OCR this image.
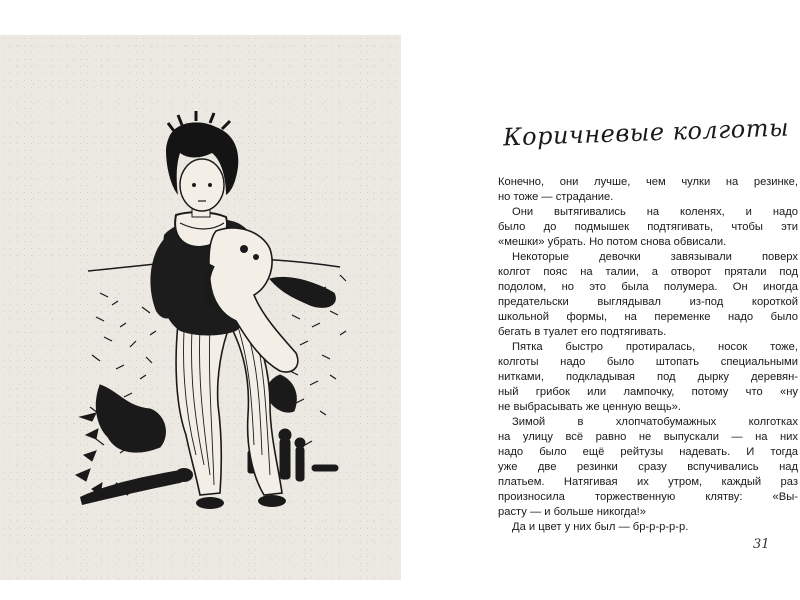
Коричневые колготы
Конечно, они лучше, чем чулки на резинке,
но тоже — страдание.
Они вытягивались на коленях, и надо
было до подмышек подтягивать, чтобы эти
«мешки» убрать. Но потом снова обвисали.
Некоторые девочки завязывали поверх
колгот пояс на талии, а отворот прятали под
подолом, но это была полумера. Он иногда
предательски выглядывал из-под короткой
школьной формы, на переменке надо было
бегать в туалет его подтягивать.
Пятка быстро протиралась, носок тоже,
колготы надо было штопать специальными
нитками, подкладывая под дырку деревян-
ный грибок или лампочку, потому что «ну
не выбрасывать же ценную вещь».
Зимой в хлопчатобумажных колготках
на улицу всё равно не выпускали — на них
надо было ещё рейтузы надевать. И тогда
уже две резинки сразу вспучивались над
платьем. Натягивая их утром, каждый раз
произносила торжественную клятву: «Вы-
расту — и больше никогда!»
Да и цвет у них был — бр-р-р-р-р.
31
